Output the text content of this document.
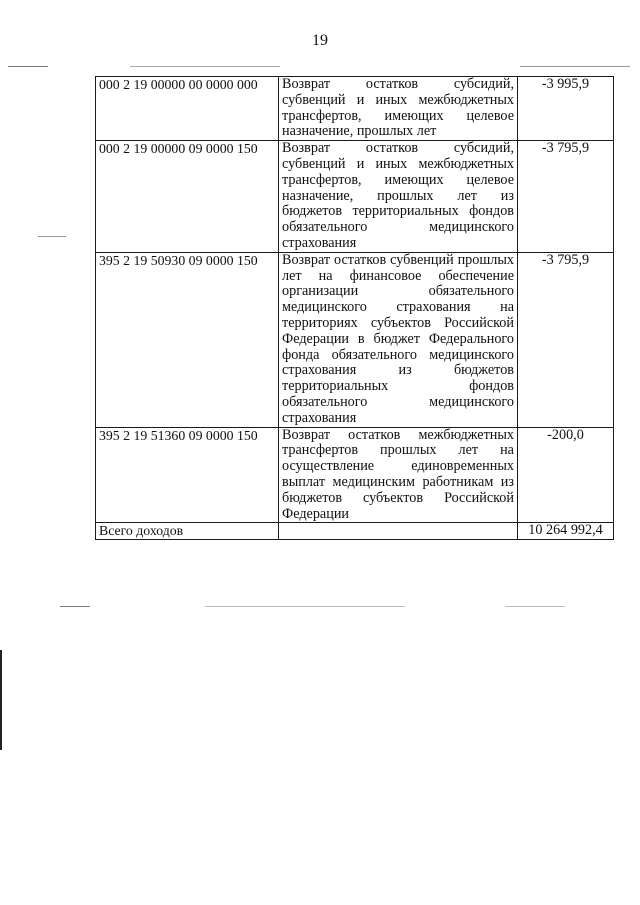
19
000 2 19 00000 00 0000 000	Возврат остатков субсидий, субвенций и иных межбюджетных трансфертов, имеющих целевое назначение, прошлых лет	-3 995,9
000 2 19 00000 09 0000 150	Возврат остатков субсидий, субвенций и иных межбюджетных трансфертов, имеющих целевое назначение, прошлых лет из бюджетов территориальных фондов обязательного медицинского страхования	-3 795,9
395 2 19 50930 09 0000 150	Возврат остатков субвенций прошлых лет на финансовое обеспечение организации обязательного медицинского страхования на территориях субъектов Российской Федерации в бюджет Федерального фонда обязательного медицинского страхования из бюджетов территориальных фондов обязательного медицинского страхования	-3 795,9
395 2 19 51360 09 0000 150	Возврат остатков межбюджетных трансфертов прошлых лет на осуществление единовременных выплат медицинским работникам из бюджетов субъектов Российской Федерации	-200,0
Всего доходов		10 264 992,4
